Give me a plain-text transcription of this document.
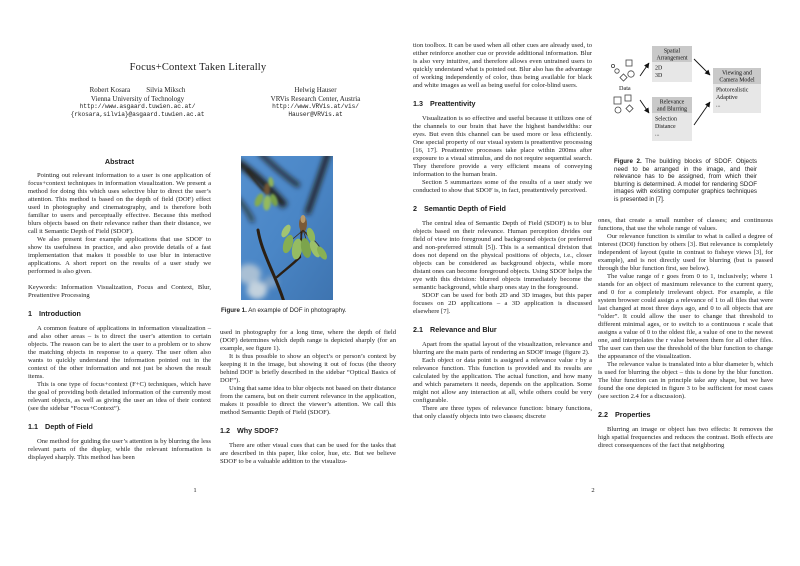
Focus+Context Taken Literally
Robert Kosara Silvia Miksch
Vienna University of Technology
http://www.asgaard.tuwien.ac.at/
{rkosara,silvia}@asgaard.tuwien.ac.at
Helwig Hauser
VRVis Research Center, Austria
http://www.VRVis.at/vis/
Hauser@VRVis.at
Abstract

Pointing out relevant information to a user is one application of focus+context techniques in information visualization. We present a method for doing this which uses selective blur to direct the user’s attention. This method is based on the depth of field (DOF) effect used in photography and cinematography, and is therefore both familiar to users and perceptually effective. Because this method blurs objects based on their relevance rather than their distance, we call it Semantic Depth of Field (SDOF).

We also present four example applications that use SDOF to show its usefulness in practice, and also provide details of a fast implementation that makes it possible to use blur in interactive applications. A short report on the results of a user study we performed is also given.

Keywords: Information Visualization, Focus and Context, Blur, Preattentive Processing

1 Introduction

A common feature of applications in information visualization – and also other areas – is to direct the user’s attention to certain objects. The reason can be to alert the user to a problem or to show the matching objects in response to a query. The user often also wants to quickly understand the information pointed out in the context of the other information and not just be shown the result items.

This is one type of focus+context (F+C) techniques, which have the goal of providing both detailed information of the currently most relevant objects, as well as giving the user an idea of their context (see the sidebar “Focus+Context”).

1.1 Depth of Field

One method for guiding the user’s attention is by blurring the less relevant parts of the display, while the relevant information is displayed sharply. This method has been

Figure 1. An example of DOF in photography.

used in photography for a long time, where the depth of field (DOF) determines which depth range is depicted sharply (for an example, see figure 1).

It is thus possible to show an object’s or person’s context by keeping it in the image, but showing it out of focus (the theory behind DOF is briefly described in the sidebar “Optical Basics of DOF”).

Using that same idea to blur objects not based on their distance from the camera, but on their current relevance in the application, makes it possible to direct the viewer’s attention. We call this method Semantic Depth of Field (SDOF).

1.2 Why SDOF?

There are other visual cues that can be used for the tasks that are described in this paper, like color, hue, etc. But we believe SDOF to be a valuable addition to the visualiza-

1

tion toolbox. It can be used when all other cues are already used, to either reinforce another cue or provide additional information. Blur is also very intuitive, and therefore allows even untrained users to quickly understand what is pointed out. Blur also has the advantage of working independently of color, thus being available for black and white images as well as being useful for color-blind users.

1.3 Preattentivity

Visualization is so effective and useful because it utilizes one of the channels to our brain that have the highest bandwidths: our eyes. But even this channel can be used more or less efficiently. One special property of our visual system is preattentive processing [16, 17]. Preattentive processes take place within 200ms after exposure to a visual stimulus, and do not require sequential search. They therefore provide a very efficient means of conveying information to the human brain.

Section 5 summarizes some of the results of a user study we conducted to show that SDOF is, in fact, preattentively perceived.

2 Semantic Depth of Field

The central idea of Semantic Depth of Field (SDOF) is to blur objects based on their relevance. Human perception divides our field of view into foreground and background objects (or preferred and non-preferred stimuli [5]). This is a semantical division that does not depend on the physical positions of objects, i.e., closer objects can be considered as background objects, while more distant ones can become foreground objects. Using SDOF helps the eye with this division: blurred objects immediately become the semantic background, while sharp ones stay in the foreground.

SDOF can be used for both 2D and 3D images, but this paper focuses on 2D applications – a 3D application is discussed elsewhere [7].

2.1 Relevance and Blur

Apart from the spatial layout of the visualization, relevance and blurring are the main parts of rendering an SDOF image (figure 2).

Each object or data point is assigned a relevance value r by a relevance function. This function is provided and its results are calculated by the application. The actual function, and how many and which parameters it needs, depends on the application. Some might not allow any interaction at all, while others could be very configurable.

There are three types of relevance function: binary functions, that only classify objects into two classes; discrete

Data
Spatial
Arrangement
2D
3D
Relevance
and Blurring
Selection
Distance
...
Viewing and
Camera Model
Photorealistic
Adaptive
...
Figure 2. The building blocks of SDOF. Objects need to be arranged in the image, and their relevance has to be assigned, from which their blurring is determined. A model for rendering SDOF images with existing computer graphics techniques is presented in [7].

ones, that create a small number of classes; and continuous functions, that use the whole range of values.

Our relevance function is similar to what is called a degree of interest (DOI) function by others [3]. But relevance is completely independent of layout (quite in contrast to fisheye views [3], for example), and is not directly used for blurring (but is passed through the blur function first, see below).

The value range of r goes from 0 to 1, inclusively; where 1 stands for an object of maximum relevance to the current query, and 0 for a completely irrelevant object. For example, a file system browser could assign a relevance of 1 to all files that were last changed at most three days ago, and 0 to all objects that are “older”. It could allow the user to change that threshold to different minimal ages, or to switch to a continuous r scale that assigns a value of 0 to the oldest file, a value of one to the newest one, and interpolates the r value between them for all other files. The user can then use the threshold of the blur function to change the appearance of the visualization.

The relevance value is translated into a blur diameter b, which is used for blurring the object – this is done by the blur function. The blur function can in principle take any shape, but we have found the one depicted in figure 3 to be sufficient for most cases (see section 2.4 for a discussion).

2.2 Properties

Blurring an image or object has two effects: It removes the high spatial frequencies and reduces the contrast. Both effects are direct consequences of the fact that neighboring

2
